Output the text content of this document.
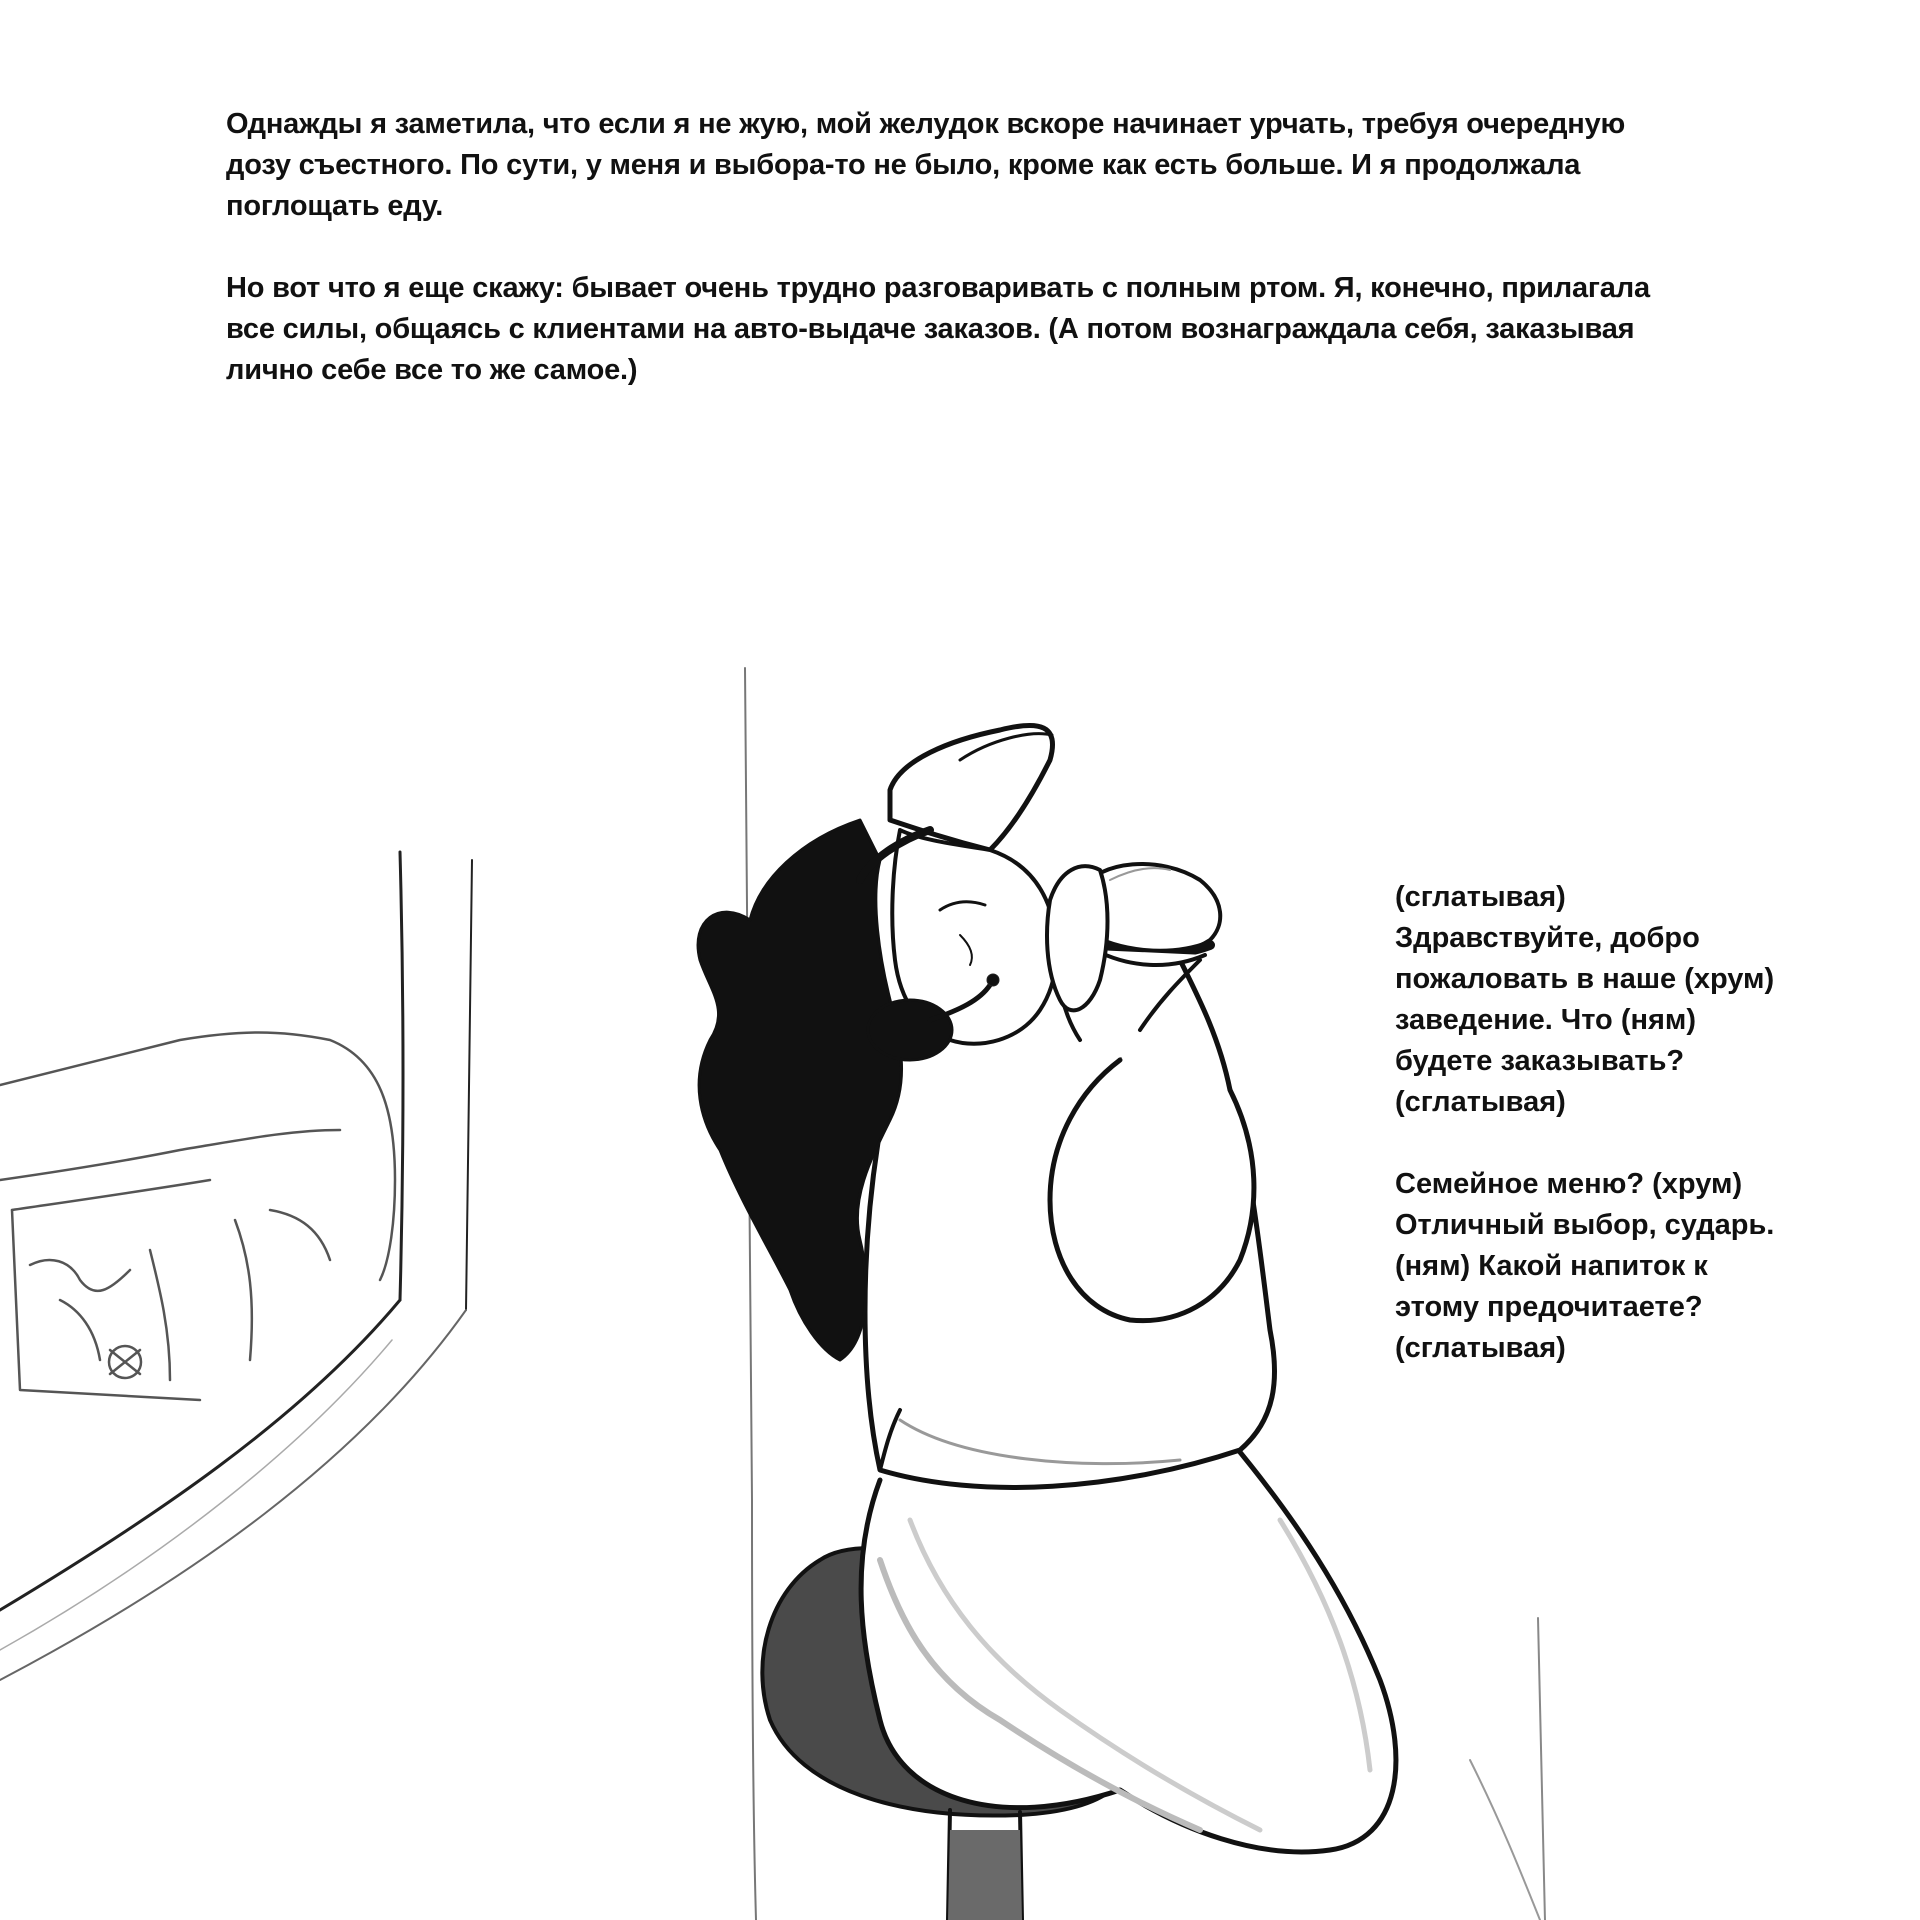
Однажды я заметила, что если я не жую, мой желудок вскоре начинает урчать, требуя очередную дозу съестного. По сути, у меня и выбора-то не было, кроме как есть больше. И я продолжала поглощать еду.

Но вот что я еще скажу: бывает очень трудно разговаривать с полным ртом. Я, конечно, прилагала все силы, общаясь с клиентами на авто-выдаче заказов. (А потом вознаграждала себя, заказывая лично себе все то же самое.)

(сглатывая)
Здравствуйте, добро
пожаловать в наше (хрум)
заведение. Что (ням)
будете заказывать?
(сглатывая)

Семейное меню? (хрум)
Отличный выбор, сударь.
(ням) Какой напиток к
этому предочитаете?
(сглатывая)
